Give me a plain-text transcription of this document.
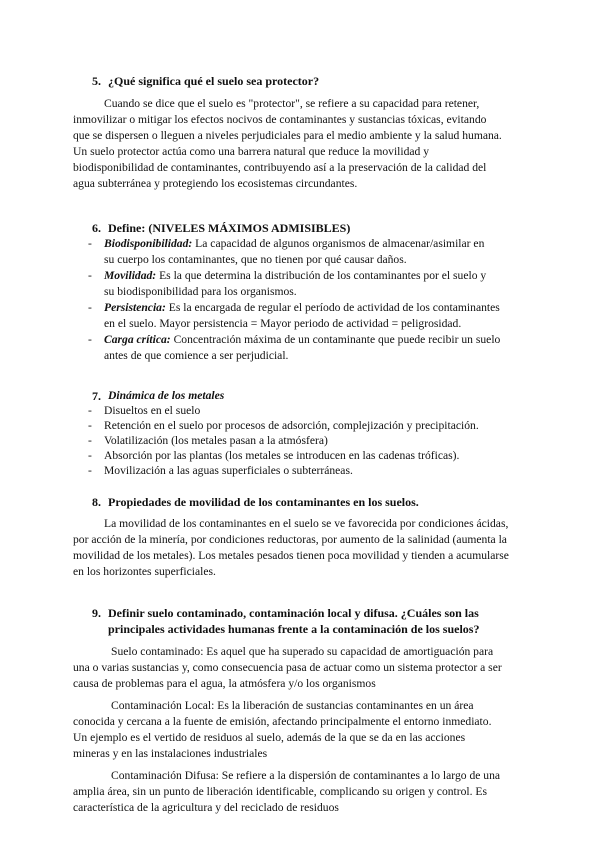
5. ¿Qué significa qué el suelo sea protector?
Cuando se dice que el suelo es "protector", se refiere a su capacidad para retener,
inmovilizar o mitigar los efectos nocivos de contaminantes y sustancias tóxicas, evitando
que se dispersen o lleguen a niveles perjudiciales para el medio ambiente y la salud humana.
Un suelo protector actúa como una barrera natural que reduce la movilidad y
biodisponibilidad de contaminantes, contribuyendo así a la preservación de la calidad del
agua subterránea y protegiendo los ecosistemas circundantes.
6. Define: (NIVELES MÁXIMOS ADMISIBLES)
- Biodisponibilidad: La capacidad de algunos organismos de almacenar/asimilar en
su cuerpo los contaminantes, que no tienen por qué causar daños.
- Movilidad: Es la que determina la distribución de los contaminantes por el suelo y
su biodisponibilidad para los organismos.
- Persistencia: Es la encargada de regular el período de actividad de los contaminantes
en el suelo. Mayor persistencia = Mayor periodo de actividad = peligrosidad.
- Carga crítica: Concentración máxima de un contaminante que puede recibir un suelo
antes de que comience a ser perjudicial.
7. Dinámica de los metales
- Disueltos en el suelo
- Retención en el suelo por procesos de adsorción, complejización y precipitación.
- Volatilización (los metales pasan a la atmósfera)
- Absorción por las plantas (los metales se introducen en las cadenas tróficas).
- Movilización a las aguas superficiales o subterráneas.
8. Propiedades de movilidad de los contaminantes en los suelos.
La movilidad de los contaminantes en el suelo se ve favorecida por condiciones ácidas,
por acción de la minería, por condiciones reductoras, por aumento de la salinidad (aumenta la
movilidad de los metales). Los metales pesados tienen poca movilidad y tienden a acumularse
en los horizontes superficiales.
9. Definir suelo contaminado, contaminación local y difusa. ¿Cuáles son las
principales actividades humanas frente a la contaminación de los suelos?
Suelo contaminado: Es aquel que ha superado su capacidad de amortiguación para
una o varias sustancias y, como consecuencia pasa de actuar como un sistema protector a ser
causa de problemas para el agua, la atmósfera y/o los organismos
Contaminación Local: Es la liberación de sustancias contaminantes en un área
conocida y cercana a la fuente de emisión, afectando principalmente el entorno inmediato.
Un ejemplo es el vertido de residuos al suelo, además de la que se da en las acciones
mineras y en las instalaciones industriales
Contaminación Difusa: Se refiere a la dispersión de contaminantes a lo largo de una
amplia área, sin un punto de liberación identificable, complicando su origen y control. Es
característica de la agricultura y del reciclado de residuos
